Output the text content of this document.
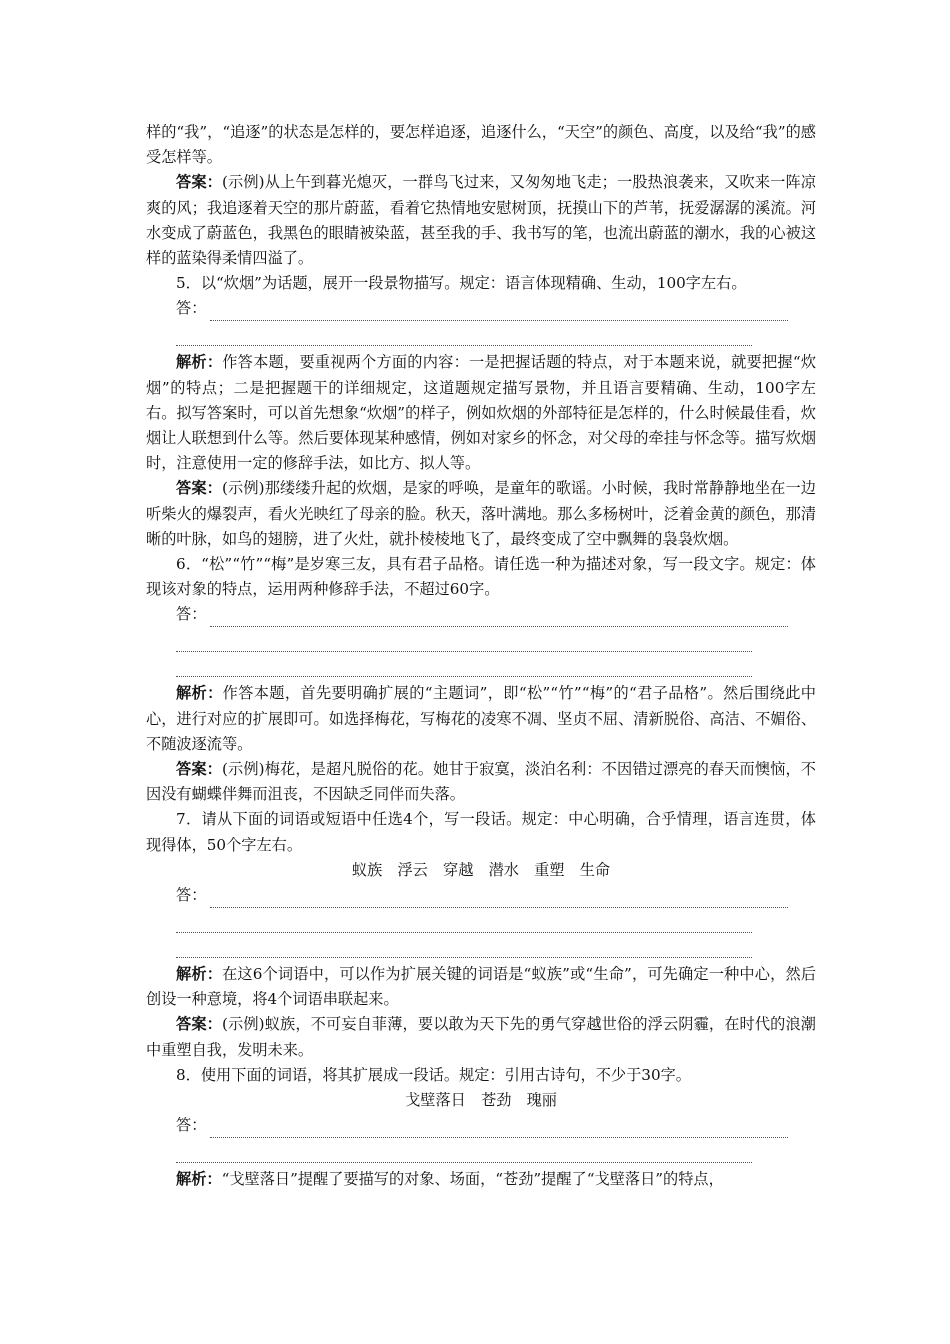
样的“我”，“追逐”的状态是怎样的，要怎样追逐，追逐什么，“天空”的颜色、高度，以及给“我”的感受怎样等。

答案：(示例)从上午到暮光熄灭，一群鸟飞过来，又匆匆地飞走；一股热浪袭来，又吹来一阵凉爽的风；我追逐着天空的那片蔚蓝，看着它热情地安慰树顶，抚摸山下的芦苇，抚爱潺潺的溪流。河水变成了蔚蓝色，我黑色的眼睛被染蓝，甚至我的手、我书写的笔，也流出蔚蓝的潮水，我的心被这样的蓝染得柔情四溢了。

5．以“炊烟”为话题，展开一段景物描写。规定：语言体现精确、生动，100字左右。

答：

解析：作答本题，要重视两个方面的内容：一是把握话题的特点，对于本题来说，就要把握“炊烟”的特点；二是把握题干的详细规定，这道题规定描写景物，并且语言要精确、生动，100字左右。拟写答案时，可以首先想象“炊烟”的样子，例如炊烟的外部特征是怎样的，什么时候最佳看，炊烟让人联想到什么等。然后要体现某种感情，例如对家乡的怀念，对父母的牵挂与怀念等。描写炊烟时，注意使用一定的修辞手法，如比方、拟人等。

答案：(示例)那缕缕升起的炊烟，是家的呼唤，是童年的歌谣。小时候，我时常静静地坐在一边听柴火的爆裂声，看火光映红了母亲的脸。秋天，落叶满地。那么多杨树叶，泛着金黄的颜色，那清晰的叶脉，如鸟的翅膀，进了火灶，就扑棱棱地飞了，最终变成了空中飘舞的袅袅炊烟。

6．“松”“竹”“梅”是岁寒三友，具有君子品格。请任选一种为描述对象，写一段文字。规定：体现该对象的特点，运用两种修辞手法，不超过60字。

答：

解析：作答本题，首先要明确扩展的“主题词”，即“松”“竹”“梅”的“君子品格”。然后围绕此中心，进行对应的扩展即可。如选择梅花，写梅花的凌寒不凋、坚贞不屈、清新脱俗、高洁、不媚俗、不随波逐流等。

答案：(示例)梅花，是超凡脱俗的花。她甘于寂寞，淡泊名利：不因错过漂亮的春天而懊恼，不因没有蝴蝶伴舞而沮丧，不因缺乏同伴而失落。

7．请从下面的词语或短语中任选4个，写一段话。规定：中心明确，合乎情理，语言连贯，体现得体，50个字左右。

蚁族　浮云　穿越　潜水　重塑　生命

答：

解析：在这6个词语中，可以作为扩展关键的词语是“蚁族”或“生命”，可先确定一种中心，然后创设一种意境，将4个词语串联起来。

答案：(示例)蚁族，不可妄自菲薄，要以敢为天下先的勇气穿越世俗的浮云阴霾，在时代的浪潮中重塑自我，发明未来。

8．使用下面的词语，将其扩展成一段话。规定：引用古诗句，不少于30字。

戈壁落日　苍劲　瑰丽

答：

解析：“戈壁落日”提醒了要描写的对象、场面，“苍劲”提醒了“戈壁落日”的特点，
